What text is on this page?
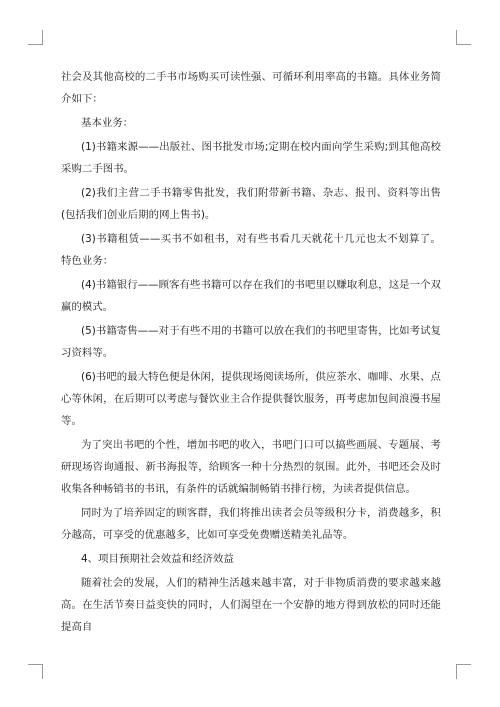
社会及其他高校的二手书市场购买可读性强、可循环利用率高的书籍。具体业务简介如下：

基本业务：

(1)书籍来源——出版社、图书批发市场;定期在校内面向学生采购;到其他高校采购二手图书。

(2)我们主营二手书籍零售批发，我们附带新书籍、杂志、报刊、资料等出售(包括我们创业后期的网上售书)。

(3)书籍租赁——买书不如租书，对有些书看几天就花十几元也太不划算了。 特色业务：

(4)书籍银行——顾客有些书籍可以存在我们的书吧里以赚取利息，这是一个双赢的模式。

(5)书籍寄售——对于有些不用的书籍可以放在我们的书吧里寄售，比如考试复习资料等。

(6)书吧的最大特色便是休闲，提供现场阅读场所，供应茶水、咖啡、水果、点心等休闲，在后期可以考虑与餐饮业主合作提供餐饮服务，再考虑加包间浪漫书屋等。

为了突出书吧的个性，增加书吧的收入，书吧门口可以搞些画展、专题展、考研现场咨询通报、新书海报等，给顾客一种十分热烈的氛围。此外，书吧还会及时收集各种畅销书的书讯，有条件的话就编制畅销书排行榜，为读者提供信息。

同时为了培养固定的顾客群，我们将推出读者会员等级积分卡，消费越多，积分越高，可享受的优惠越多，比如可享受免费赠送精美礼品等。

4、项目预期社会效益和经济效益

随着社会的发展，人们的精神生活越来越丰富，对于非物质消费的要求越来越高。在生活节奏日益变快的同时，人们渴望在一个安静的地方得到放松的同时还能提高自
